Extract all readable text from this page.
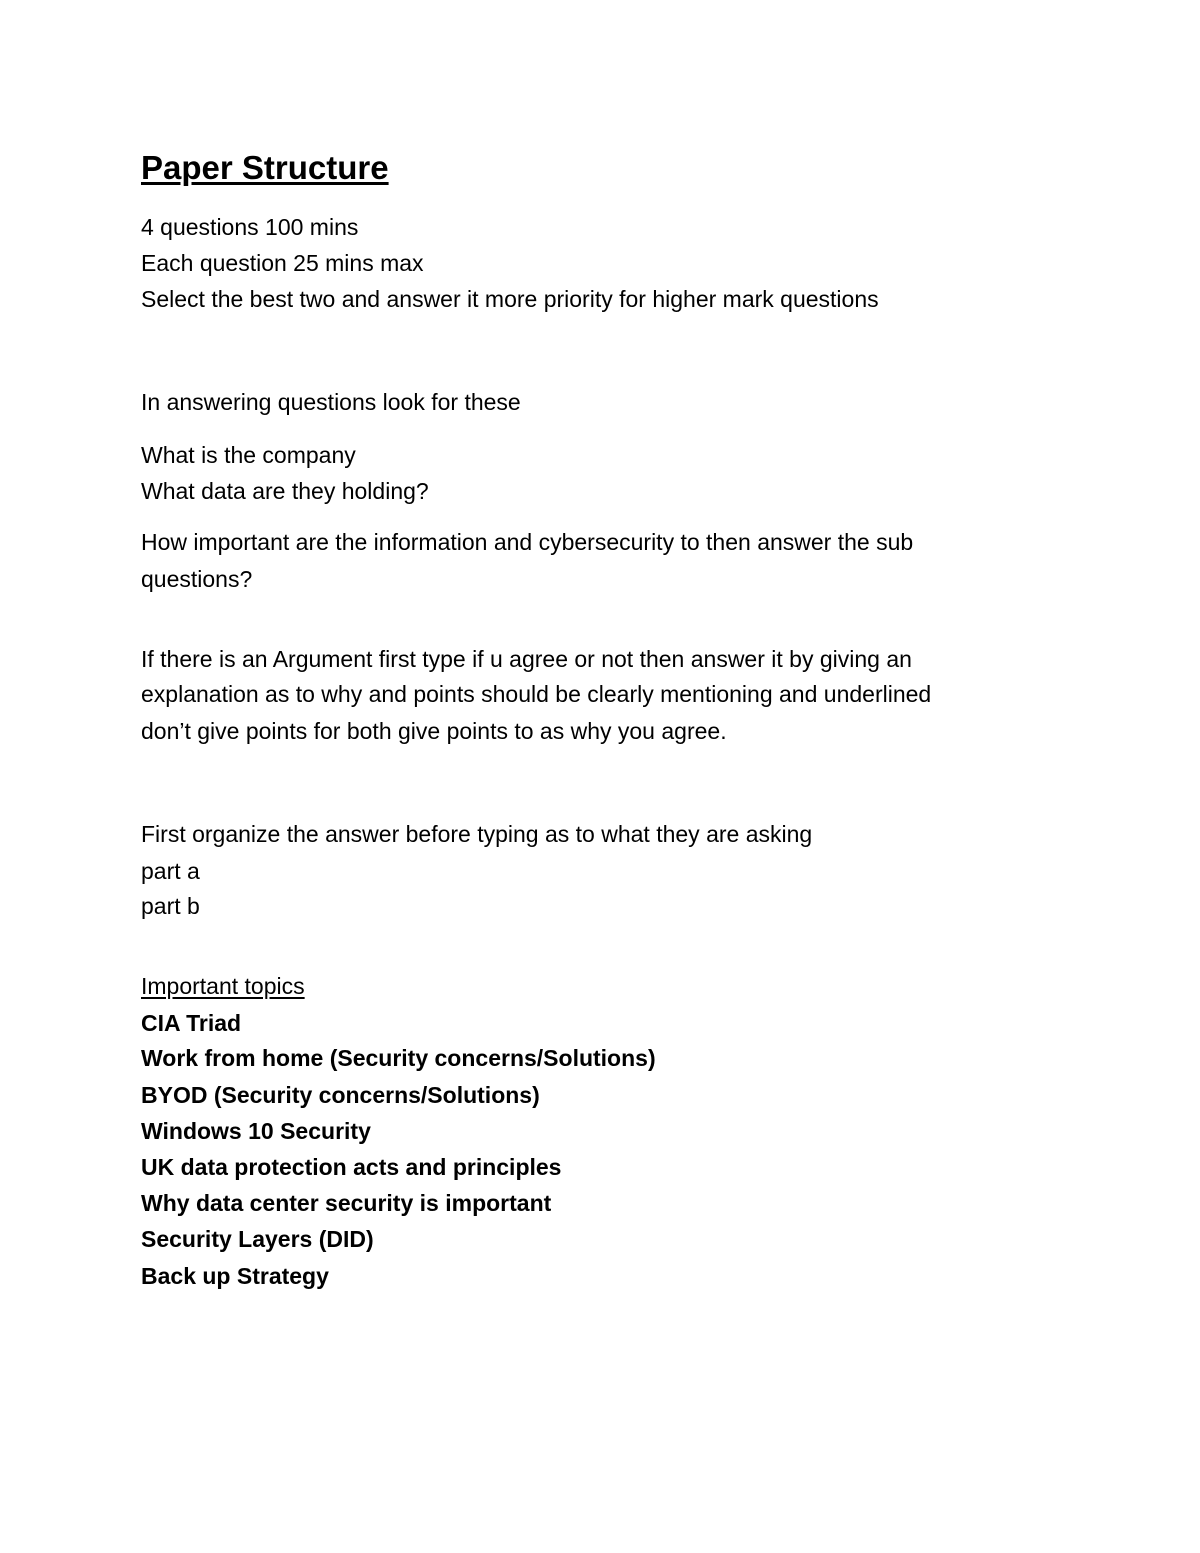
Paper Structure

4 questions 100 mins

Each question 25 mins max

Select the best two and answer it more priority for higher mark questions

In answering questions look for these

What is the company

What data are they holding?

How important are the information and cybersecurity to then answer the sub

questions?

If there is an Argument first type if u agree or not then answer it by giving an

explanation as to why and points should be clearly mentioning and underlined

don’t give points for both give points to as why you agree.

First organize the answer before typing as to what they are asking

part a

part b

Important topics

CIA Triad

Work from home (Security concerns/Solutions)

BYOD (Security concerns/Solutions)

Windows 10 Security

UK data protection acts and principles

Why data center security is important

Security Layers (DID)

Back up Strategy
